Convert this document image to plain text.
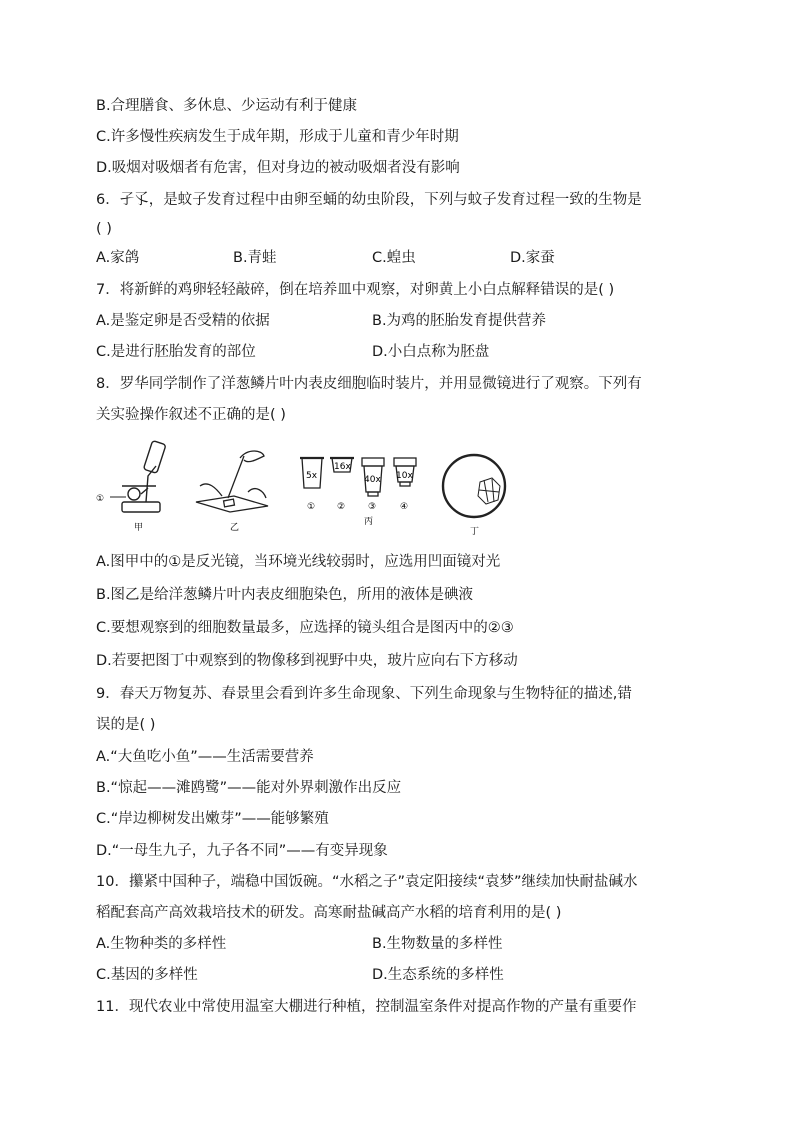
B.合理膳食、多休息、少运动有利于健康
C.许多慢性疾病发生于成年期，形成于儿童和青少年时期
D.吸烟对吸烟者有危害，但对身边的被动吸烟者没有影响
6．孑孓，是蚊子发育过程中由卵至蛹的幼虫阶段，下列与蚊子发育过程一致的生物是
( )
A.家鸽	B.青蛙	C.蝗虫	D.家蚕
7．将新鲜的鸡卵轻轻敲碎，倒在培养皿中观察，对卵黄上小白点解释错误的是( )
A.是鉴定卵是否受精的依据	B.为鸡的胚胎发育提供营养
C.是进行胚胎发育的部位	D.小白点称为胚盘
8．罗华同学制作了洋葱鳞片叶内表皮细胞临时装片，并用显微镜进行了观察。下列有
关实验操作叙述不正确的是( )
①
甲	乙
5x
①
16x
②
40x
③
10x
④
丙
丁
A.图甲中的①是反光镜，当环境光线较弱时，应选用凹面镜对光
B.图乙是给洋葱鳞片叶内表皮细胞染色，所用的液体是碘液
C.要想观察到的细胞数量最多，应选择的镜头组合是图丙中的②③
D.若要把图丁中观察到的物像移到视野中央，玻片应向右下方移动
9．春天万物复苏、春景里会看到许多生命现象、下列生命现象与生物特征的描述,错
误的是( )
A.“大鱼吃小鱼”——生活需要营养
B.“惊起——滩鸥鹭”——能对外界刺激作出反应
C.“岸边柳树发出嫩芽”——能够繁殖
D.“一母生九子，九子各不同”——有变异现象
10．攥紧中国种子，端稳中国饭碗。“水稻之子”袁定阳接续“袁梦”继续加快耐盐碱水
稻配套高产高效栽培技术的研发。高寒耐盐碱高产水稻的培育利用的是( )
A.生物种类的多样性	B.生物数量的多样性
C.基因的多样性	D.生态系统的多样性
11．现代农业中常使用温室大棚进行种植，控制温室条件对提高作物的产量有重要作
